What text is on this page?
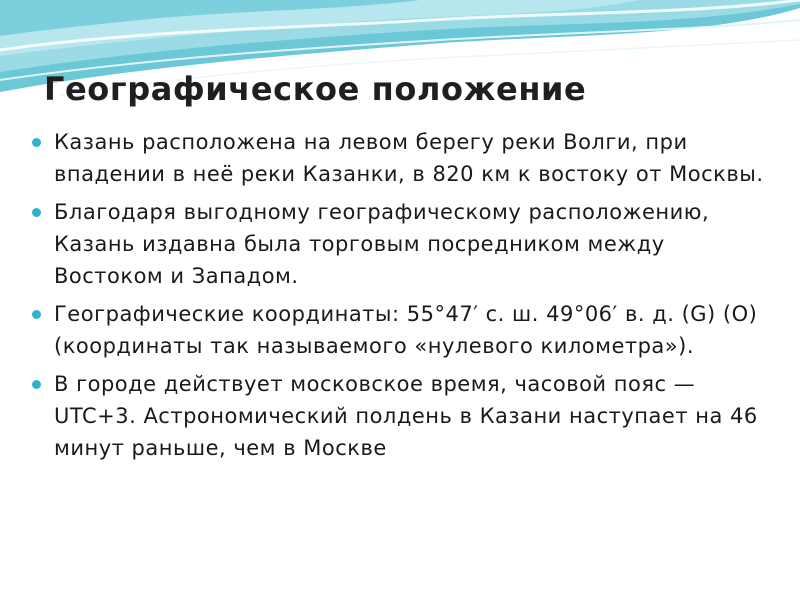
Географическое положение
Казань расположена на левом берегу реки Волги, при впадении в неё реки Казанки, в 820 км к востоку от Москвы.
Благодаря выгодному географическому расположению, Казань издавна была торговым посредником между Востоком и Западом.
Географические координаты: 55°47′ с. ш. 49°06′ в. д. (G) (O) (координаты так называемого «нулевого километра»).
В городе действует московское время, часовой пояс — UTC+3. Астрономический полдень в Казани наступает на 46 минут раньше, чем в Москве
